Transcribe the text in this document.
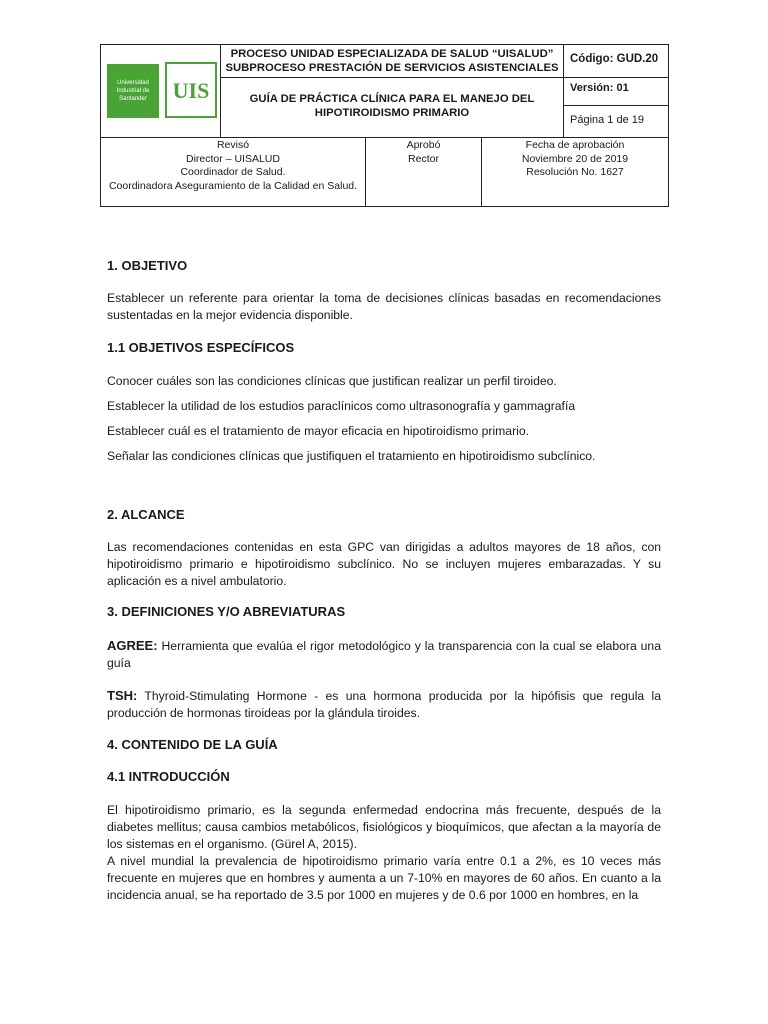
Universidad Industrial de Santander	UIS
PROCESO UNIDAD ESPECIALIZADA DE SALUD “UISALUD”
SUBPROCESO PRESTACIÓN DE SERVICIOS ASISTENCIALES
Código: GUD.20
GUÍA DE PRÁCTICA CLÍNICA PARA EL MANEJO DEL
HIPOTIROIDISMO PRIMARIO
Versión: 01
Página 1 de 19
Revisó
Director – UISALUD
Coordinador de Salud.
Coordinadora Aseguramiento de la Calidad en Salud.
Aprobó
Rector
Fecha de aprobación
Noviembre 20 de 2019
Resolución No. 1627
1. OBJETIVO

Establecer un referente para orientar la toma de decisiones clínicas basadas en recomendaciones sustentadas en la mejor evidencia disponible.

1.1 OBJETIVOS ESPECÍFICOS

Conocer cuáles son las condiciones clínicas que justifican realizar un perfil tiroideo.

Establecer la utilidad de los estudios paraclínicos como ultrasonografía y gammagrafía

Establecer cuál es el tratamiento de mayor eficacia en hipotiroidismo primario.

Señalar las condiciones clínicas que justifiquen el tratamiento en hipotiroidismo subclínico.

2. ALCANCE

Las recomendaciones contenidas en esta GPC van dirigidas a adultos mayores de 18 años, con hipotiroidismo primario e hipotiroidismo subclínico. No se incluyen mujeres embarazadas. Y su aplicación es a nivel ambulatorio.

3. DEFINICIONES Y/O ABREVIATURAS

AGREE: Herramienta que evalúa el rigor metodológico y la transparencia con la cual se elabora una guía

TSH: Thyroid-Stimulating Hormone - es una hormona producida por la hipófisis que regula la producción de hormonas tiroideas por la glándula tiroides.

4. CONTENIDO DE LA GUÍA
4.1 INTRODUCCIÓN

El hipotiroidismo primario, es la segunda enfermedad endocrina más frecuente, después de la diabetes mellitus; causa cambios metabólicos, fisiológicos y bioquímicos, que afectan a la mayoría de los sistemas en el organismo. (Gürel A, 2015).

A nivel mundial la prevalencia de hipotiroidismo primario varía entre 0.1 a 2%, es 10 veces más frecuente en mujeres que en hombres y aumenta a un 7-10% en mayores de 60 años. En cuanto a la incidencia anual, se ha reportado de 3.5 por 1000 en mujeres y de 0.6 por 1000 en hombres, en la
